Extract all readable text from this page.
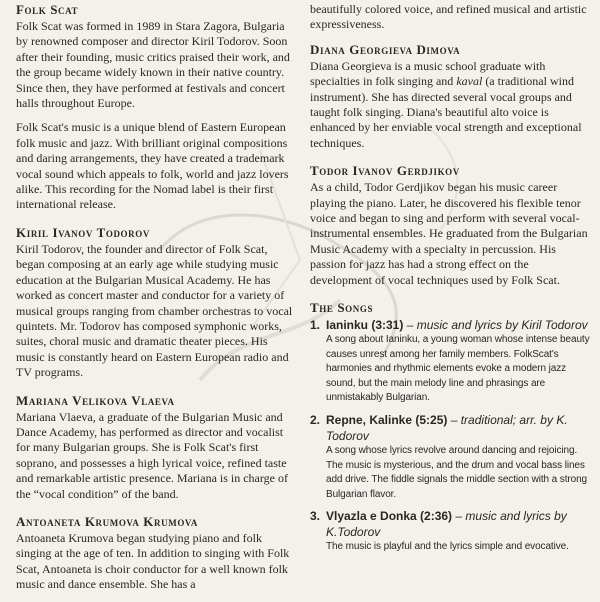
Folk Scat

Folk Scat was formed in 1989 in Stara Zagora, Bulgaria by renowned composer and director Kiril Todorov. Soon after their founding, music critics praised their work, and the group became widely known in their native country. Since then, they have performed at festivals and concert halls throughout Europe.

Folk Scat's music is a unique blend of Eastern European folk music and jazz. With brilliant original compositions and daring arrangements, they have created a trademark vocal sound which appeals to folk, world and jazz lovers alike. This recording for the Nomad label is their first international release.

Kiril Ivanov Todorov

Kiril Todorov, the founder and director of Folk Scat, began composing at an early age while studying music education at the Bulgarian Musical Academy. He has worked as concert master and conductor for a variety of musical groups ranging from chamber orchestras to vocal quintets. Mr. Todorov has composed symphonic works, suites, choral music and dramatic theater pieces. His music is constantly heard on Eastern European radio and TV programs.

Mariana Velikova Vlaeva

Mariana Vlaeva, a graduate of the Bulgarian Music and Dance Academy, has performed as director and vocalist for many Bulgarian groups. She is Folk Scat's first soprano, and possesses a high lyrical voice, refined taste and remarkable artistic presence. Mariana is in charge of the “vocal condition” of the band.

Antoaneta Krumova Krumova

Antoaneta Krumova began studying piano and folk singing at the age of ten. In addition to singing with Folk Scat, Antoaneta is choir conductor for a well known folk music and dance ensemble. She has a

beautifully colored voice, and refined musical and artistic expressiveness.

Diana Georgieva Dimova

Diana Georgieva is a music school graduate with specialties in folk singing and kaval (a traditional wind instrument). She has directed several vocal groups and taught folk singing. Diana's beautiful alto voice is enhanced by her enviable vocal strength and exceptional techniques.

Todor Ivanov Gerdjikov

As a child, Todor Gerdjikov began his music career playing the piano. Later, he discovered his flexible tenor voice and began to sing and perform with several vocal-instrumental ensembles. He graduated from the Bulgarian Music Academy with a specialty in percussion. His passion for jazz has had a strong effect on the development of vocal techniques used by Folk Scat.

The Songs
1. Ianinku (3:31) – music and lyrics by Kiril Todorov
A song about Ianinku, a young woman whose intense beauty causes unrest among her family members. FolkScat's harmonies and rhythmic elements evoke a modern jazz sound, but the main melody line and phrasings are unmistakably Bulgarian.
2. Repne, Kalinke (5:25) – traditional; arr. by K. Todorov
A song whose lyrics revolve around dancing and rejoicing. The music is mysterious, and the drum and vocal bass lines add drive. The fiddle signals the middle section with a strong Bulgarian flavor.
3. Vlyazla e Donka (2:36) – music and lyrics by K.Todorov
The music is playful and the lyrics simple and evocative.
